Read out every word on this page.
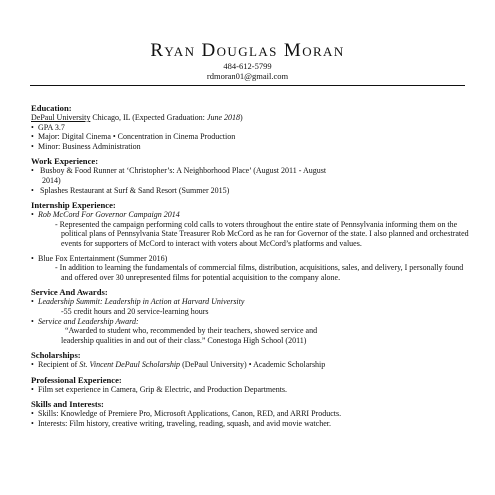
Ryan Douglas Moran
484-612-5799
rdmoran01@gmail.com
Education:
DePaul University Chicago, IL (Expected Graduation: June 2018)
• GPA 3.7
• Major: Digital Cinema • Concentration in Cinema Production
• Minor: Business Administration
Work Experience:
• Busboy & Food Runner at ‘Christopher’s: A Neighborhood Place’ (August 2011 - August
2014)
• Splashes Restaurant at Surf & Sand Resort (Summer 2015)
Internship Experience:
• Rob McCord For Governor Campaign 2014
- Represented the campaign performing cold calls to voters throughout the entire state of Pennsylvania informing them on the political plans of Pennsylvania State Treasurer Rob McCord as he ran for Governor of the state. I also planned and orchestrated events for supporters of McCord to interact with voters about McCord’s platforms and values.
• Blue Fox Entertainment (Summer 2016)
- In addition to learning the fundamentals of commercial films, distribution, acquisitions, sales, and delivery, I personally found and offered over 30 unrepresented films for potential acquisition to the company alone.
Service And Awards:
• Leadership Summit: Leadership in Action at Harvard University
-55 credit hours and 20 service-learning hours
• Service and Leadership Award:
“Awarded to student who, recommended by their teachers, showed service and
leadership qualities in and out of their class.” Conestoga High School (2011)
Scholarships:
• Recipient of St. Vincent DePaul Scholarship (DePaul University) • Academic Scholarship
Professional Experience:
• Film set experience in Camera, Grip & Electric, and Production Departments.
Skills and Interests:
• Skills: Knowledge of Premiere Pro, Microsoft Applications, Canon, RED, and ARRI Products.
• Interests: Film history, creative writing, traveling, reading, squash, and avid movie watcher.
